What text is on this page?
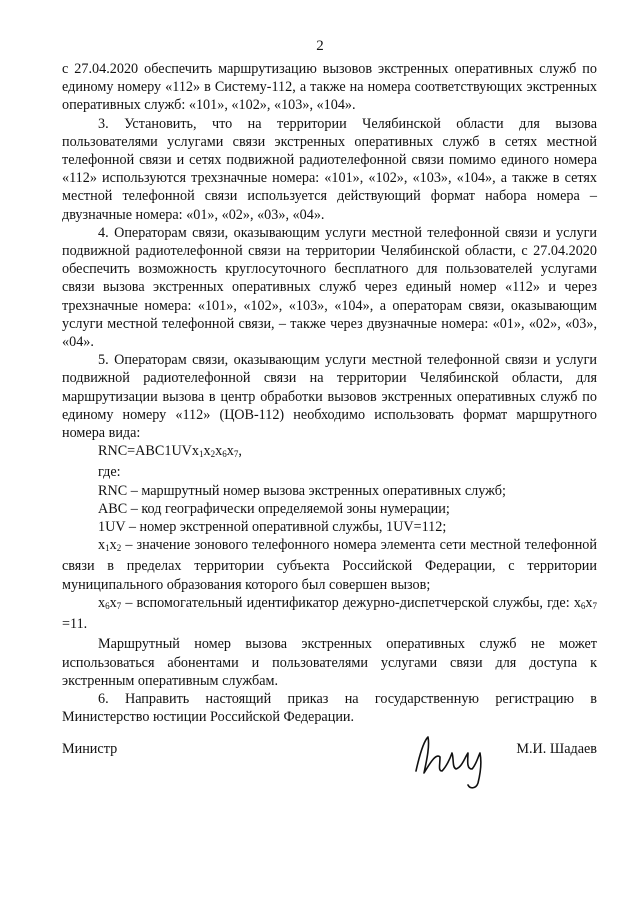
2

с 27.04.2020 обеспечить маршрутизацию вызовов экстренных оперативных служб по единому номеру «112» в Систему-112, а также на номера соответствующих экстренных оперативных служб: «101», «102», «103», «104».

3. Установить, что на территории Челябинской области для вызова пользователями услугами связи экстренных оперативных служб в сетях местной телефонной связи и сетях подвижной радиотелефонной связи помимо единого номера «112» используются трехзначные номера: «101», «102», «103», «104», а также в сетях местной телефонной связи используется действующий формат набора номера – двузначные номера: «01», «02», «03», «04».

4. Операторам связи, оказывающим услуги местной телефонной связи и услуги подвижной радиотелефонной связи на территории Челябинской области, с 27.04.2020 обеспечить возможность круглосуточного бесплатного для пользователей услугами связи вызова экстренных оперативных служб через единый номер «112» и через трехзначные номера: «101», «102», «103», «104», а операторам связи, оказывающим услуги местной телефонной связи, – также через двузначные номера: «01», «02», «03», «04».

5. Операторам связи, оказывающим услуги местной телефонной связи и услуги подвижной радиотелефонной связи на территории Челябинской области, для маршрутизации вызова в центр обработки вызовов экстренных оперативных служб по единому номеру «112» (ЦОВ-112) необходимо использовать формат маршрутного номера вида:

$RNC=ABC1UVx_1x_2x_6x_7$,

где:

RNC – маршрутный номер вызова экстренных оперативных служб;

ABC – код географически определяемой зоны нумерации;

1UV – номер экстренной оперативной службы, 1UV=112;

$x_1x_2$ – значение зонового телефонного номера элемента сети местной телефонной связи в пределах территории субъекта Российской Федерации, с территории муниципального образования которого был совершен вызов;

$x_6x_7$ – вспомогательный идентификатор дежурно-диспетчерской службы, где: $x_6x_7 =11$.

Маршрутный номер вызова экстренных оперативных служб не может использоваться абонентами и пользователями услугами связи для доступа к экстренным оперативным службам.

6. Направить настоящий приказ на государственную регистрацию в Министерство юстиции Российской Федерации.

Министр	М.И. Шадаев
